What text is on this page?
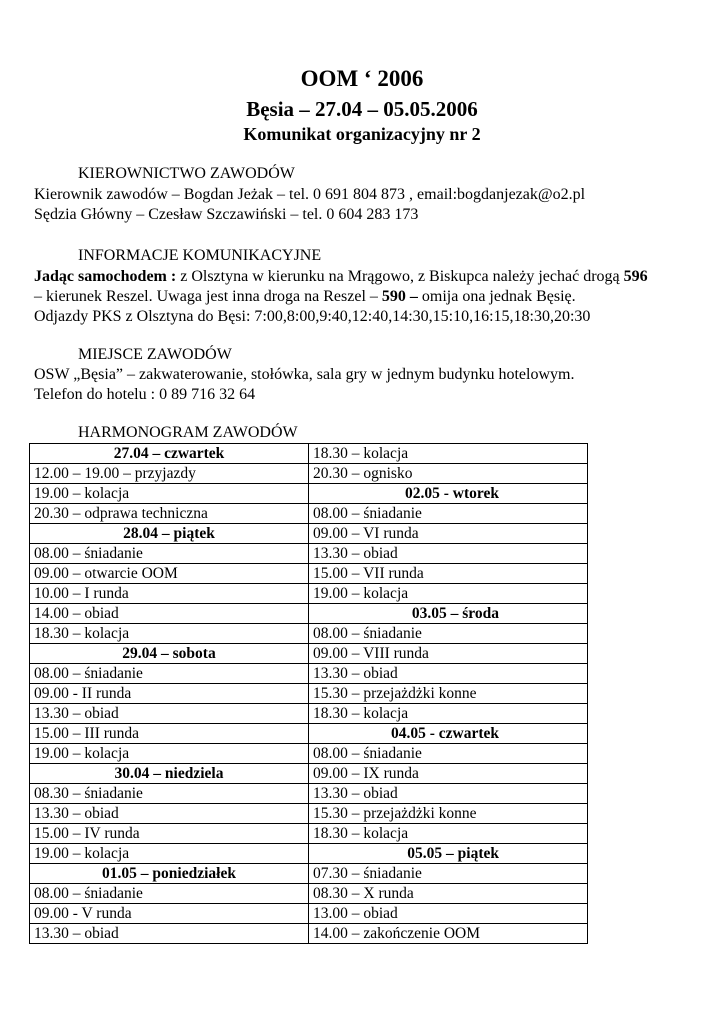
OOM ‘ 2006
Bęsia – 27.04 – 05.05.2006
Komunikat organizacyjny nr 2
KIEROWNICTWO ZAWODÓW
Kierownik zawodów – Bogdan Jeżak – tel. 0 691 804 873 , email:bogdanjezak@o2.pl
Sędzia Główny – Czesław Szczawiński – tel. 0 604 283 173
INFORMACJE KOMUNIKACYJNE
Jadąc samochodem : z Olsztyna w kierunku na Mrągowo, z Biskupca należy jechać drogą 596
– kierunek Reszel. Uwaga jest inna droga na Reszel – 590 – omija ona jednak Bęsię.
Odjazdy PKS z Olsztyna do Bęsi: 7:00,8:00,9:40,12:40,14:30,15:10,16:15,18:30,20:30
MIEJSCE ZAWODÓW
OSW „Bęsia” – zakwaterowanie, stołówka, sala gry w jednym budynku hotelowym.
Telefon do hotelu : 0 89 716 32 64
HARMONOGRAM ZAWODÓW
27.04 – czwartek	18.30 – kolacja
12.00 – 19.00 – przyjazdy	20.30 – ognisko
19.00 – kolacja	02.05 - wtorek
20.30 – odprawa techniczna	08.00 – śniadanie
28.04 – piątek	09.00 – VI runda
08.00 – śniadanie	13.30 – obiad
09.00 – otwarcie OOM	15.00 – VII runda
10.00 – I runda	19.00 – kolacja
14.00 – obiad	03.05 – środa
18.30 – kolacja	08.00 – śniadanie
29.04 – sobota	09.00 – VIII runda
08.00 – śniadanie	13.30 – obiad
09.00 - II runda	15.30 – przejażdżki konne
13.30 – obiad	18.30 – kolacja
15.00 – III runda	04.05 - czwartek
19.00 – kolacja	08.00 – śniadanie
30.04 – niedziela	09.00 – IX runda
08.30 – śniadanie	13.30 – obiad
13.30 – obiad	15.30 – przejażdżki konne
15.00 – IV runda	18.30 – kolacja
19.00 – kolacja	05.05 – piątek
01.05 – poniedziałek	07.30 – śniadanie
08.00 – śniadanie	08.30 – X runda
09.00 - V runda	13.00 – obiad
13.30 – obiad	14.00 – zakończenie OOM
